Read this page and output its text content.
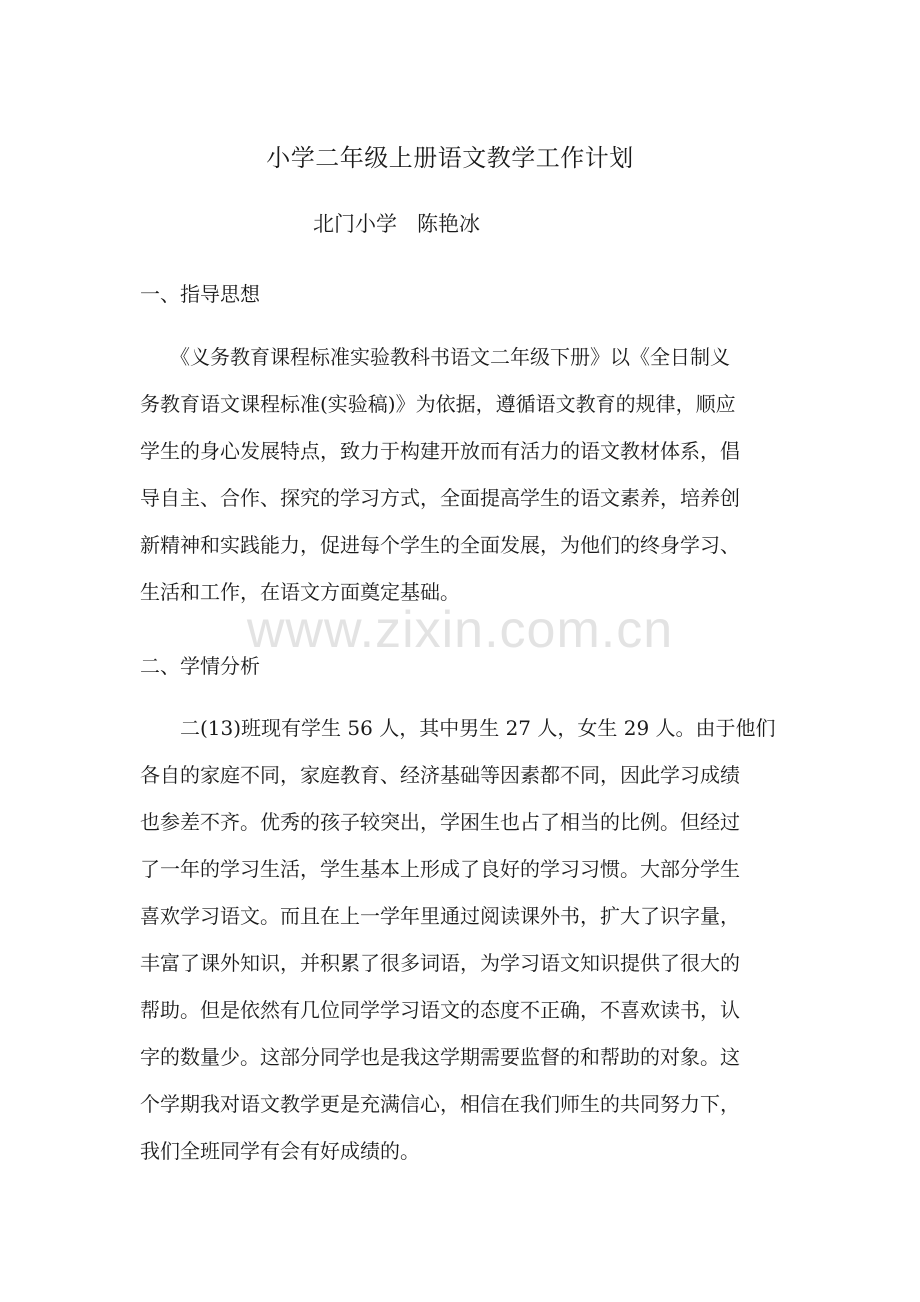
小学二年级上册语文教学工作计划
北门小学 陈艳冰
一、指导思想
　　《义务教育课程标准实验教科书语文二年级下册》以《全日制义
务教育语文课程标准(实验稿)》为依据，遵循语文教育的规律，顺应
学生的身心发展特点，致力于构建开放而有活力的语文教材体系，倡
导自主、合作、探究的学习方式，全面提高学生的语文素养，培养创
新精神和实践能力，促进每个学生的全面发展，为他们的终身学习、
生活和工作，在语文方面奠定基础。
www.zixin.com.cn
二、学情分析
　　二(13)班现有学生 56 人，其中男生 27 人，女生 29 人。由于他们
各自的家庭不同，家庭教育、经济基础等因素都不同，因此学习成绩
也参差不齐。优秀的孩子较突出，学困生也占了相当的比例。但经过
了一年的学习生活，学生基本上形成了良好的学习习惯。大部分学生
喜欢学习语文。而且在上一学年里通过阅读课外书，扩大了识字量，
丰富了课外知识，并积累了很多词语，为学习语文知识提供了很大的
帮助。但是依然有几位同学学习语文的态度不正确，不喜欢读书，认
字的数量少。这部分同学也是我这学期需要监督的和帮助的对象。这
个学期我对语文教学更是充满信心，相信在我们师生的共同努力下，
我们全班同学有会有好成绩的。
